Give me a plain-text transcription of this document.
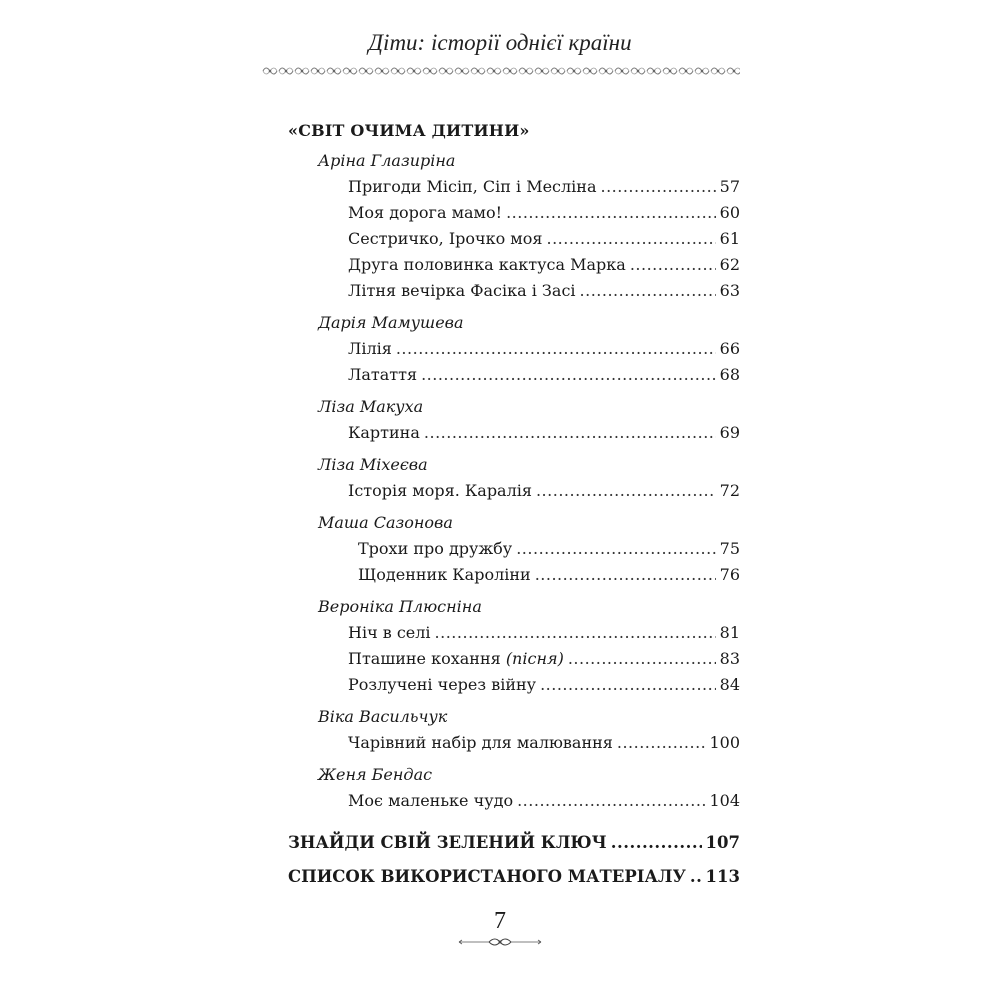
Діти: історії однієї країни
«СВІТ ОЧИМА ДИТИНИ»
Аріна Глазиріна
Пригоди Місіп, Сіп і Месліна .....	57
Моя дорога мамо! .....	60
Сестричко, Ірочко моя .....	61
Друга половинка кактуса Марка .....	62
Літня вечірка Фасіка і Засі .....	63
Дарія Мамушева
Лілія .....	66
Латаття .....	68
Ліза Макуха
Картина .....	69
Ліза Міхеєва
Історія моря. Каралія .....	72
Маша Сазонова
Трохи про дружбу .....	75
Щоденник Кароліни .....	76
Вероніка Плюсніна
Ніч в селі .....	81
Пташине кохання (пісня) .....	83
Розлучені через війну .....	84
Віка Васильчук
Чарівний набір для малювання .....	100
Женя Бендас
Моє маленьке чудо .....	104
ЗНАЙДИ СВІЙ ЗЕЛЕНИЙ КЛЮЧ .....	107
СПИСОК ВИКОРИСТАНОГО МАТЕРІАЛУ ..... 113
7
